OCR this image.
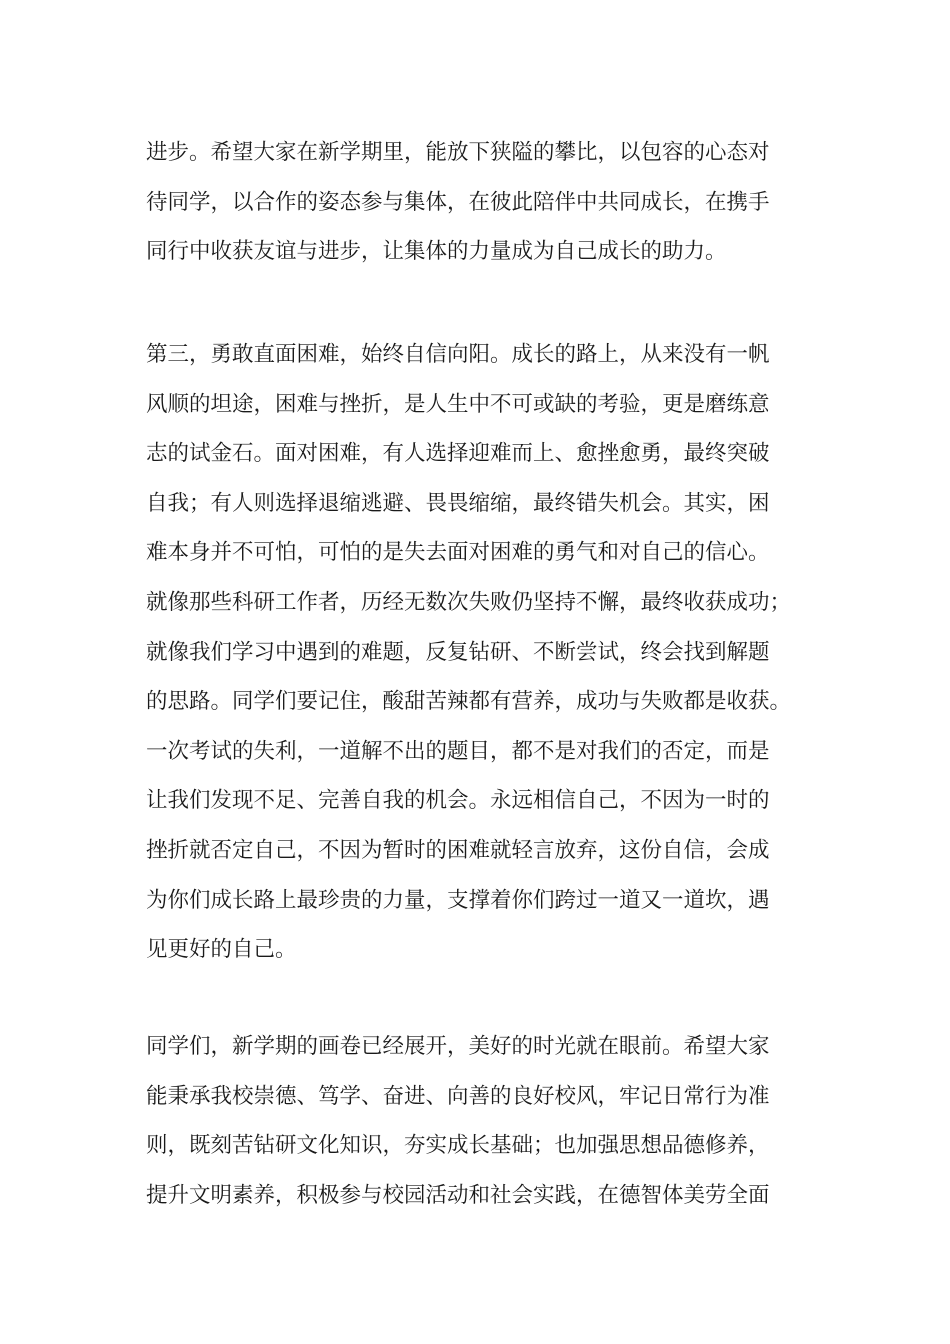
进步。希望大家在新学期里，能放下狭隘的攀比，以包容的心态对
待同学，以合作的姿态参与集体，在彼此陪伴中共同成长，在携手
同行中收获友谊与进步，让集体的力量成为自己成长的助力。

第三，勇敢直面困难，始终自信向阳。成长的路上，从来没有一帆
风顺的坦途，困难与挫折，是人生中不可或缺的考验，更是磨练意
志的试金石。面对困难，有人选择迎难而上、愈挫愈勇，最终突破
自我；有人则选择退缩逃避、畏畏缩缩，最终错失机会。其实，困
难本身并不可怕，可怕的是失去面对困难的勇气和对自己的信心。
就像那些科研工作者，历经无数次失败仍坚持不懈，最终收获成功；
就像我们学习中遇到的难题，反复钻研、不断尝试，终会找到解题
的思路。同学们要记住，酸甜苦辣都有营养，成功与失败都是收获。
一次考试的失利，一道解不出的题目，都不是对我们的否定，而是
让我们发现不足、完善自我的机会。永远相信自己，不因为一时的
挫折就否定自己，不因为暂时的困难就轻言放弃，这份自信，会成
为你们成长路上最珍贵的力量，支撑着你们跨过一道又一道坎，遇
见更好的自己。

同学们，新学期的画卷已经展开，美好的时光就在眼前。希望大家
能秉承我校崇德、笃学、奋进、向善的良好校风，牢记日常行为准
则，既刻苦钻研文化知识，夯实成长基础；也加强思想品德修养，
提升文明素养，积极参与校园活动和社会实践，在德智体美劳全面
